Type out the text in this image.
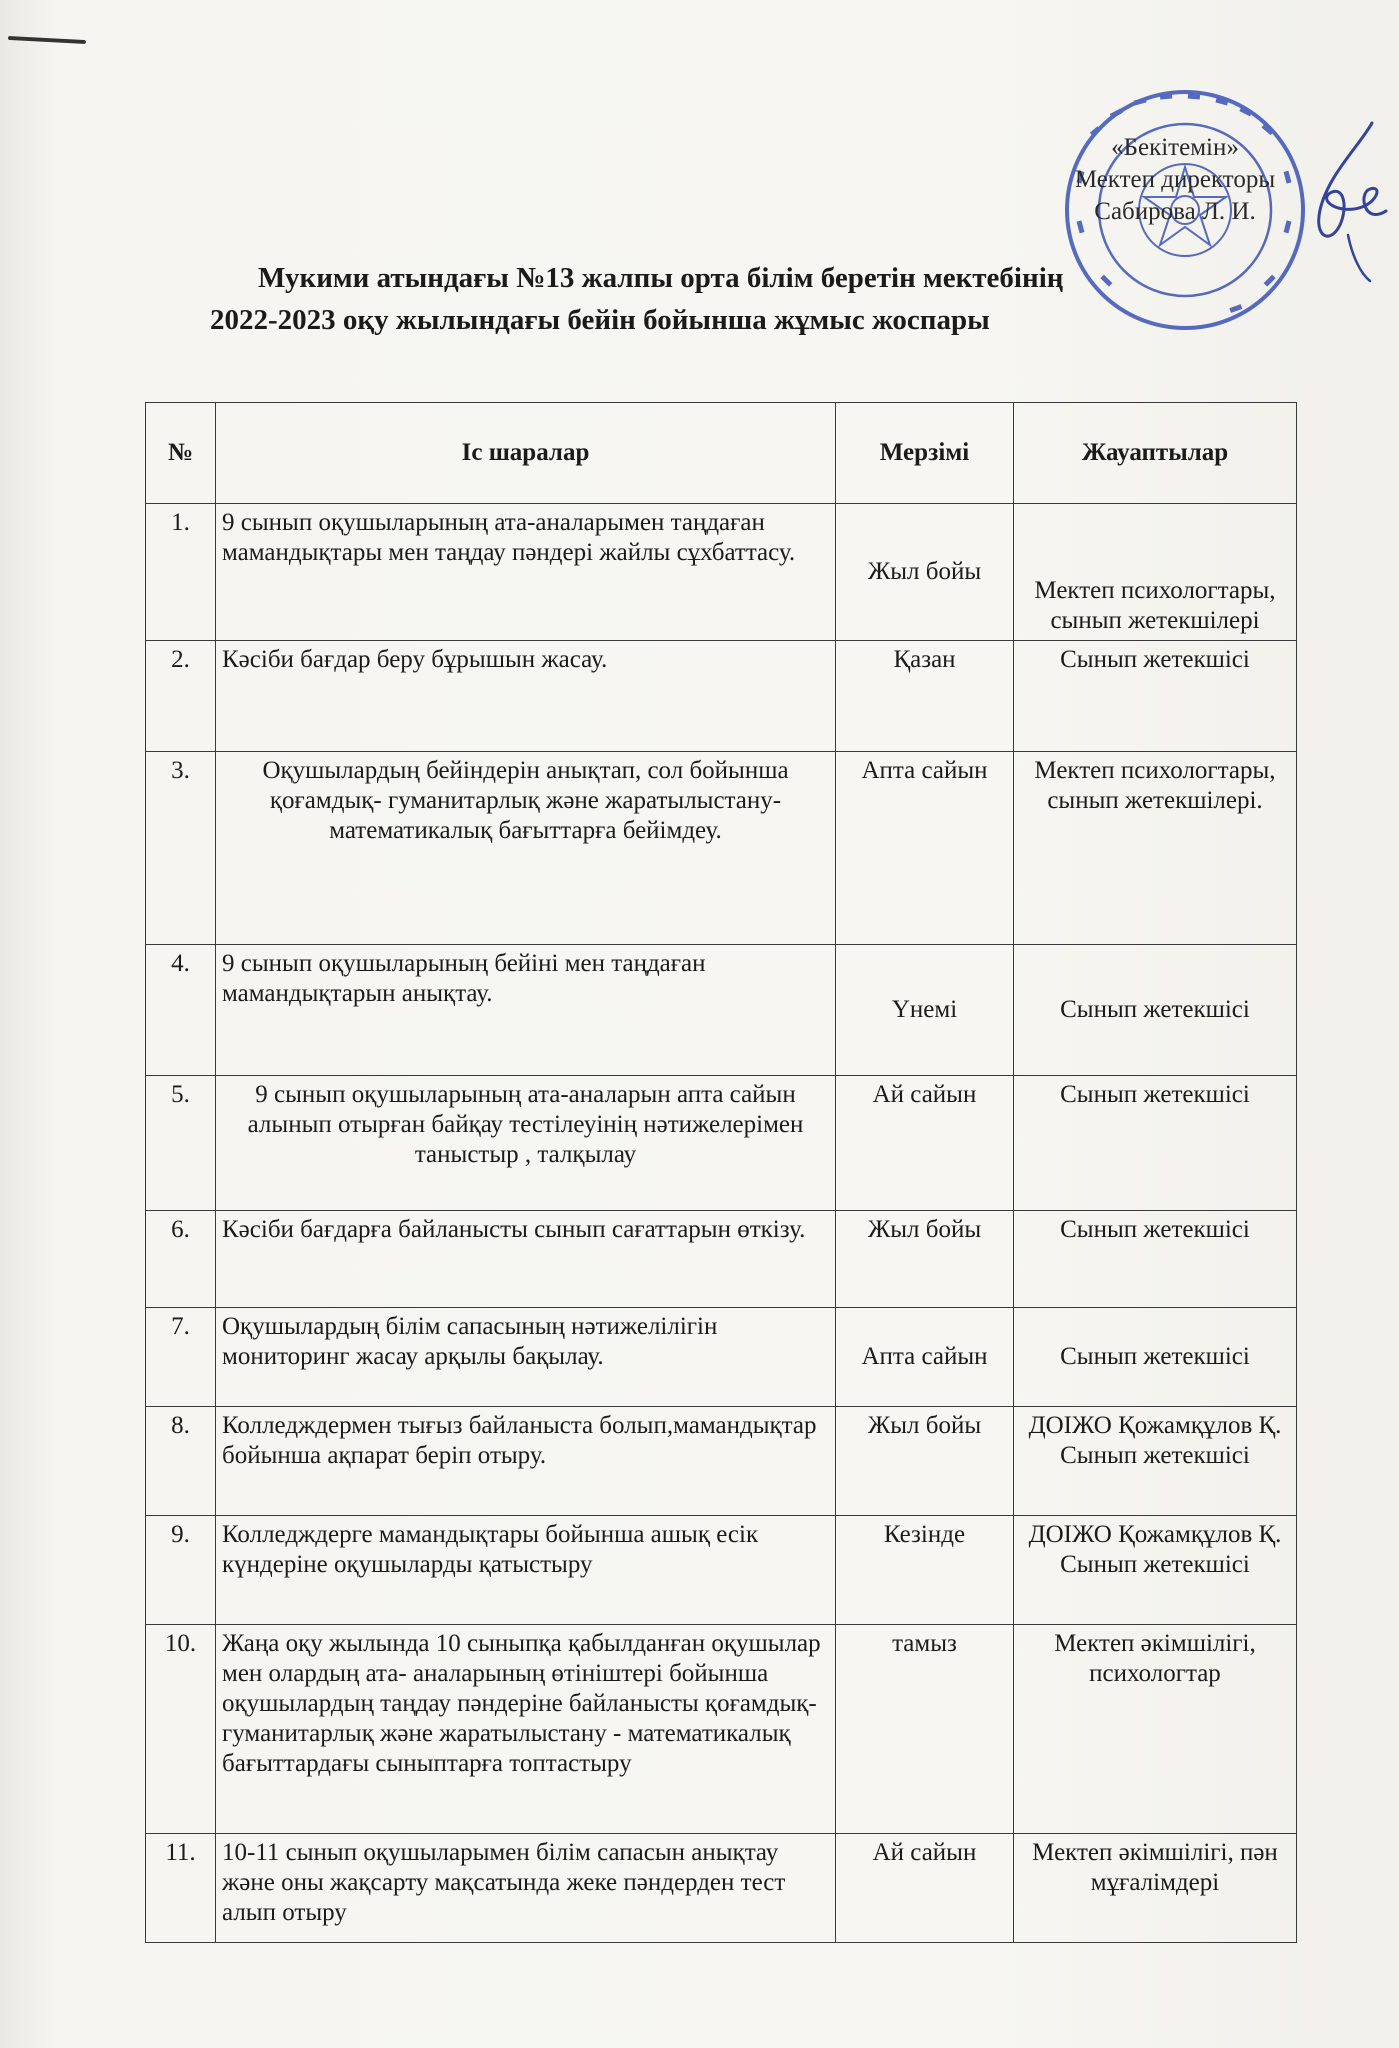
«Бекітемін»
Мектеп директоры
Сабирова Л. И.
Мукими атындағы №13 жалпы орта білім беретін мектебінің
2022-2023 оқу жылындағы бейін бойынша жұмыс жоспары
№	Іс шаралар	Мерзімі	Жауаптылар
1.	9 сынып оқушыларының ата-аналарымен таңдаған мамандықтары мен таңдау пәндері жайлы сұхбаттасу.	Жыл бойы	Мектеп психологтары, сынып жетекшілері
2.	Кәсіби бағдар беру бұрышын жасау.	Қазан	Сынып жетекшісі
3.	Оқушылардың бейіндерін анықтап, сол бойынша қоғамдық- гуманитарлық және жаратылыстану- математикалық бағыттарға бейімдеу.	Апта сайын	Мектеп психологтары, сынып жетекшілері.
4.	9 сынып оқушыларының бейіні мен таңдаған мамандықтарын анықтау.	Үнемі	Сынып жетекшісі
5.	9 сынып оқушыларының ата-аналарын апта сайын алынып отырған байқау тестілеуінің нәтижелерімен таныстыр , талқылау	Ай сайын	Сынып жетекшісі
6.	Кәсіби бағдарға байланысты сынып сағаттарын өткізу.	Жыл бойы	Сынып жетекшісі
7.	Оқушылардың білім сапасының нәтижелілігін мониторинг жасау арқылы бақылау.	Апта сайын	Сынып жетекшісі
8.	Колледждермен тығыз байланыста болып,мамандықтар бойынша ақпарат беріп отыру.	Жыл бойы	ДОІЖО Қожамқұлов Қ. Сынып жетекшісі
9.	Колледждерге мамандықтары бойынша ашық есік күндеріне оқушыларды қатыстыру	Кезінде	ДОІЖО Қожамқұлов Қ. Сынып жетекшісі
10.	Жаңа оқу жылында 10 сыныпқа қабылданған оқушылар мен олардың ата- аналарының өтініштері бойынша оқушылардың таңдау пәндеріне байланысты қоғамдық- гуманитарлық және жаратылыстану - математикалық бағыттардағы сыныптарға топтастыру	тамыз	Мектеп әкімшілігі, психологтар
11.	10-11 сынып оқушыларымен білім сапасын анықтау және оны жақсарту мақсатында жеке пәндерден тест алып отыру	Ай сайын	Мектеп әкімшілігі, пән мұғалімдері
